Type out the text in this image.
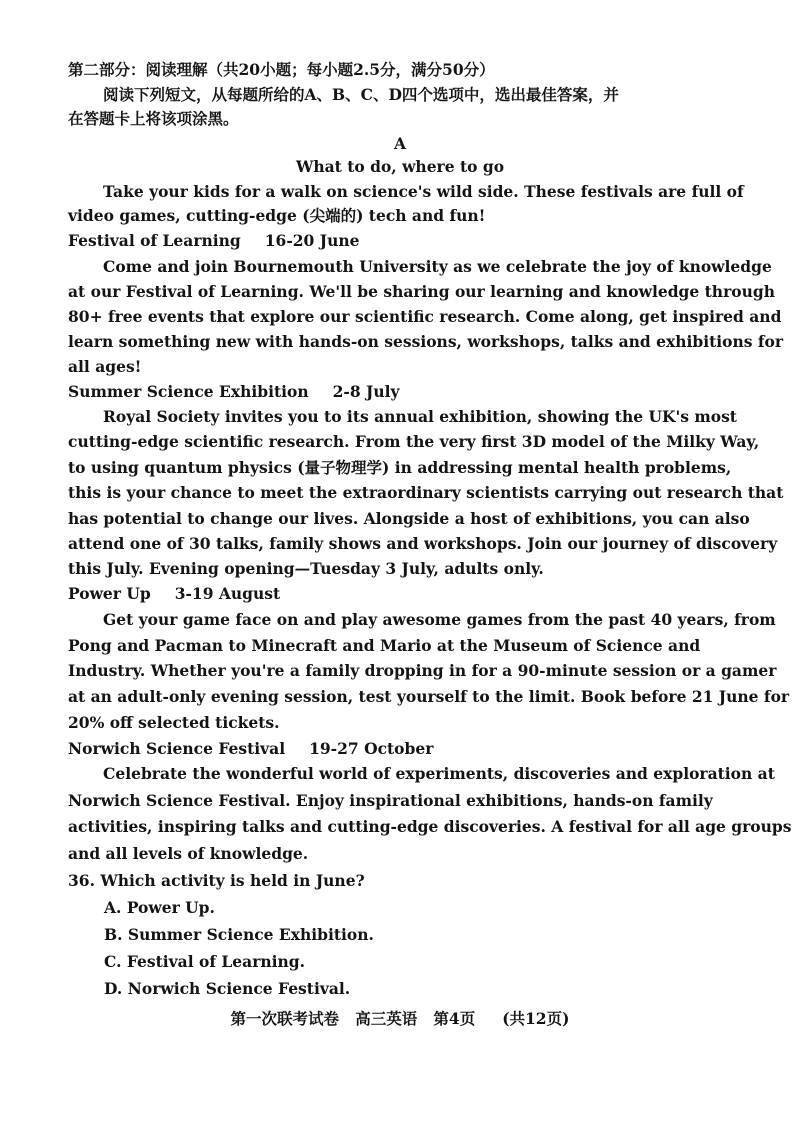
第二部分：阅读理解（共20小题；每小题2.5分，满分50分）
阅读下列短文，从每题所给的A、B、C、D四个选项中，选出最佳答案，并
在答题卡上将该项涂黑。
A
What to do, where to go
Take your kids for a walk on science's wild side. These festivals are full of
video games, cutting-edge (尖端的) tech and fun!
Festival of Learning 16-20 June
Come and join Bournemouth University as we celebrate the joy of knowledge
at our Festival of Learning. We'll be sharing our learning and knowledge through
80+ free events that explore our scientific research. Come along, get inspired and
learn something new with hands-on sessions, workshops, talks and exhibitions for
all ages!
Summer Science Exhibition 2-8 July
Royal Society invites you to its annual exhibition, showing the UK's most
cutting-edge scientific research. From the very first 3D model of the Milky Way,
to using quantum physics (量子物理学) in addressing mental health problems,
this is your chance to meet the extraordinary scientists carrying out research that
has potential to change our lives. Alongside a host of exhibitions, you can also
attend one of 30 talks, family shows and workshops. Join our journey of discovery
this July. Evening opening—Tuesday 3 July, adults only.
Power Up 3-19 August
Get your game face on and play awesome games from the past 40 years, from
Pong and Pacman to Minecraft and Mario at the Museum of Science and
Industry. Whether you're a family dropping in for a 90-minute session or a gamer
at an adult-only evening session, test yourself to the limit. Book before 21 June for
20% off selected tickets.
Norwich Science Festival 19-27 October
Celebrate the wonderful world of experiments, discoveries and exploration at
Norwich Science Festival. Enjoy inspirational exhibitions, hands-on family
activities, inspiring talks and cutting-edge discoveries. A festival for all age groups
and all levels of knowledge.
36. Which activity is held in June?
A. Power Up.
B. Summer Science Exhibition.
C. Festival of Learning.
D. Norwich Science Festival.
第一次联考试卷   高三英语   第4页     (共12页)
